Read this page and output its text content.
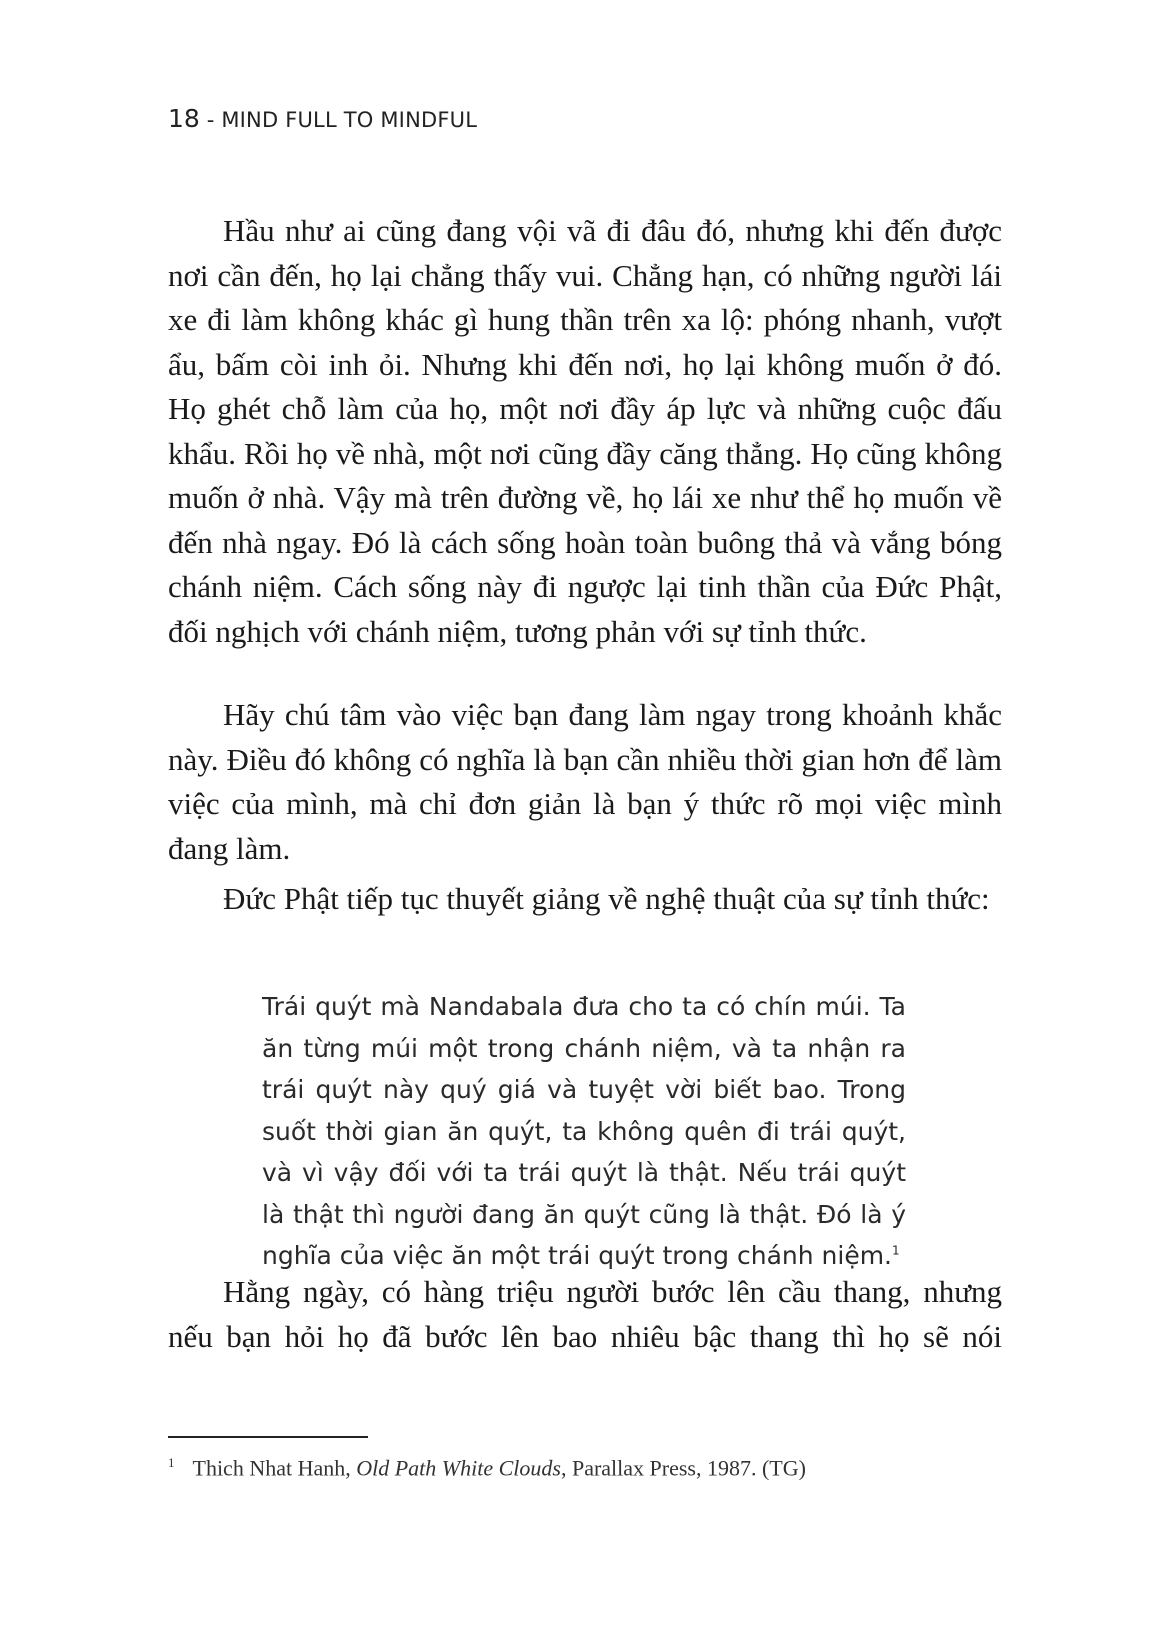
18 - MIND FULL TO MINDFUL

Hầu như ai cũng đang vội vã đi đâu đó, nhưng khi đến được nơi cần đến, họ lại chẳng thấy vui. Chẳng hạn, có những người lái xe đi làm không khác gì hung thần trên xa lộ: phóng nhanh, vượt ẩu, bấm còi inh ỏi. Nhưng khi đến nơi, họ lại không muốn ở đó. Họ ghét chỗ làm của họ, một nơi đầy áp lực và những cuộc đấu khẩu. Rồi họ về nhà, một nơi cũng đầy căng thẳng. Họ cũng không muốn ở nhà. Vậy mà trên đường về, họ lái xe như thể họ muốn về đến nhà ngay. Đó là cách sống hoàn toàn buông thả và vắng bóng chánh niệm. Cách sống này đi ngược lại tinh thần của Đức Phật, đối nghịch với chánh niệm, tương phản với sự tỉnh thức.

Hãy chú tâm vào việc bạn đang làm ngay trong khoảnh khắc này. Điều đó không có nghĩa là bạn cần nhiều thời gian hơn để làm việc của mình, mà chỉ đơn giản là bạn ý thức rõ mọi việc mình đang làm.

Đức Phật tiếp tục thuyết giảng về nghệ thuật của sự tỉnh thức:

Trái quýt mà Nandabala đưa cho ta có chín múi. Ta ăn từng múi một trong chánh niệm, và ta nhận ra trái quýt này quý giá và tuyệt vời biết bao. Trong suốt thời gian ăn quýt, ta không quên đi trái quýt, và vì vậy đối với ta trái quýt là thật. Nếu trái quýt là thật thì người đang ăn quýt cũng là thật. Đó là ý nghĩa của việc ăn một trái quýt trong chánh niệm.$^1$

Hằng ngày, có hàng triệu người bước lên cầu thang, nhưng nếu bạn hỏi họ đã bước lên bao nhiêu bậc thang thì họ sẽ nói

$^1$ Thich Nhat Hanh, Old Path White Clouds, Parallax Press, 1987. (TG)
